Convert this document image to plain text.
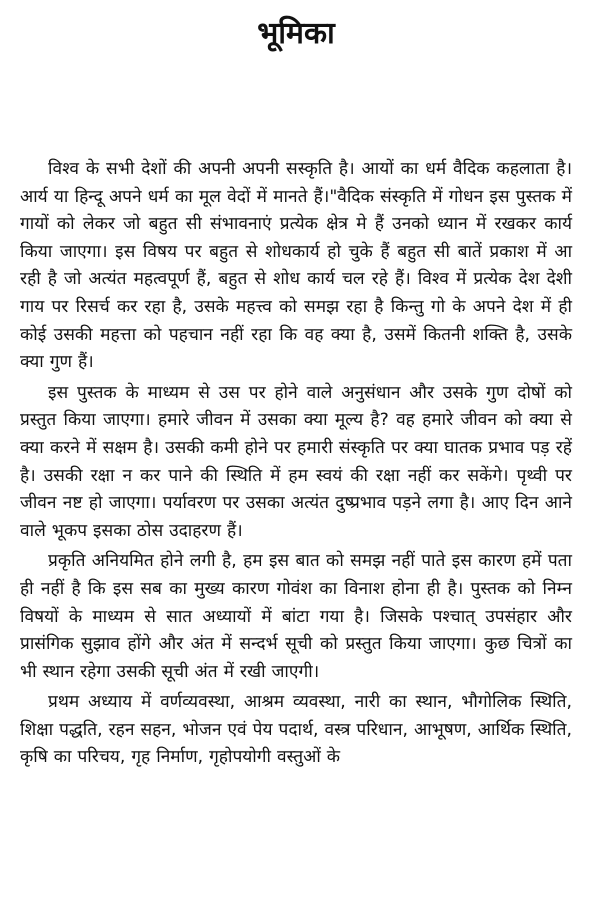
भूमिका

विश्व के सभी देशों की अपनी अपनी सस्कृति है। आयों का धर्म वैदिक कहलाता है। आर्य या हिन्दू अपने धर्म का मूल वेदों में मानते हैं।"वैदिक संस्कृति में गोधन इस पुस्तक में गायों को लेकर जो बहुत सी संभावनाएं प्रत्येक क्षेत्र मे हैं उनको ध्यान में रखकर कार्य किया जाएगा। इस विषय पर बहुत से शोधकार्य हो चुके हैं बहुत सी बातें प्रकाश में आ रही है जो अत्यंत महत्वपूर्ण हैं, बहुत से शोध कार्य चल रहे हैं। विश्व में प्रत्येक देश देशी गाय पर रिसर्च कर रहा है, उसके महत्त्व को समझ रहा है किन्तु गो के अपने देश में ही कोई उसकी महत्ता को पहचान नहीं रहा कि वह क्या है, उसमें कितनी शक्ति है, उसके क्या गुण हैं।

इस पुस्तक के माध्यम से उस पर होने वाले अनुसंधान और उसके गुण दोषों को प्रस्तुत किया जाएगा। हमारे जीवन में उसका क्या मूल्य है? वह हमारे जीवन को क्या से क्या करने में सक्षम है। उसकी कमी होने पर हमारी संस्कृति पर क्या घातक प्रभाव पड़ रहें है। उसकी रक्षा न कर पाने की स्थिति में हम स्वयं की रक्षा नहीं कर सकेंगे। पृथ्वी पर जीवन नष्ट हो जाएगा। पर्यावरण पर उसका अत्यंत दुष्प्रभाव पड़ने लगा है। आए दिन आने वाले भूकप इसका ठोस उदाहरण हैं।

प्रकृति अनियमित होने लगी है, हम इस बात को समझ नहीं पाते इस कारण हमें पता ही नहीं है कि इस सब का मुख्य कारण गोवंश का विनाश होना ही है। पुस्तक को निम्न विषयों के माध्यम से सात अध्यायों में बांटा गया है। जिसके पश्चात् उपसंहार और प्रासंगिक सुझाव होंगे और अंत में सन्दर्भ सूची को प्रस्तुत किया जाएगा। कुछ चित्रों का भी स्थान रहेगा उसकी सूची अंत में रखी जाएगी।

प्रथम अध्याय में वर्णव्यवस्था, आश्रम व्यवस्था, नारी का स्थान, भौगोलिक स्थिति, शिक्षा पद्धति, रहन सहन, भोजन एवं पेय पदार्थ, वस्त्र परिधान, आभूषण, आर्थिक स्थिति, कृषि का परिचय, गृह निर्माण, गृहोपयोगी वस्तुओं के
